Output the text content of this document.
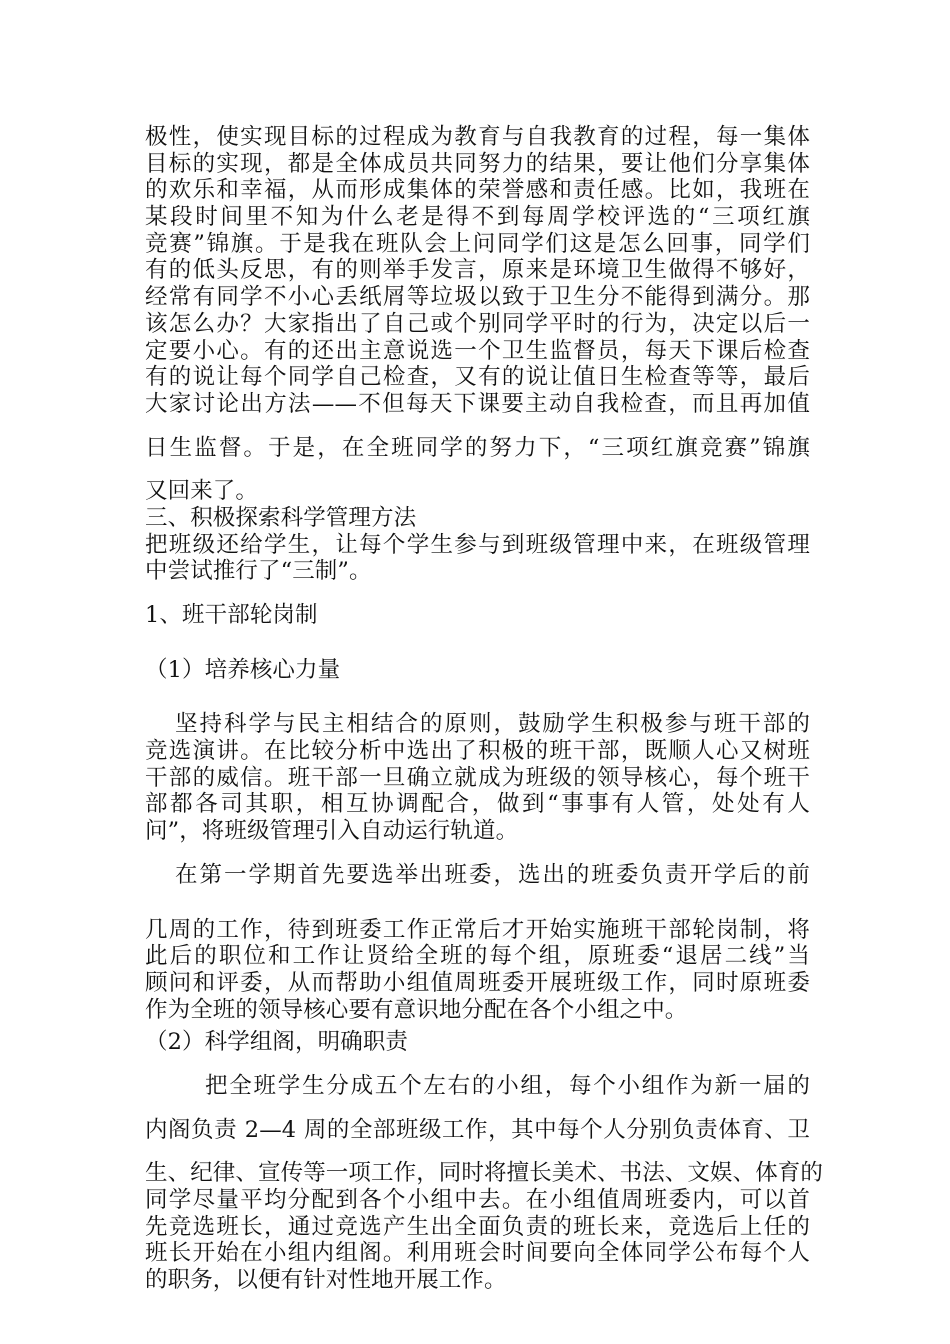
极性，使实现目标的过程成为教育与自我教育的过程，每一集体
目标的实现，都是全体成员共同努力的结果，要让他们分享集体
的欢乐和幸福，从而形成集体的荣誉感和责任感。比如，我班在
某段时间里不知为什么老是得不到每周学校评选的“三项红旗
竞赛”锦旗。于是我在班队会上问同学们这是怎么回事，同学们
有的低头反思，有的则举手发言，原来是环境卫生做得不够好，
经常有同学不小心丢纸屑等垃圾以致于卫生分不能得到满分。那
该怎么办？大家指出了自己或个别同学平时的行为，决定以后一
定要小心。有的还出主意说选一个卫生监督员，每天下课后检查
有的说让每个同学自己检查，又有的说让值日生检查等等，最后
大家讨论出方法——不但每天下课要主动自我检查，而且再加值
日生监督。于是，在全班同学的努力下，“三项红旗竞赛”锦旗
又回来了。
三、积极探索科学管理方法
把班级还给学生，让每个学生参与到班级管理中来，在班级管理
中尝试推行了“三制”。
1、班干部轮岗制
（1）培养核心力量
坚持科学与民主相结合的原则，鼓励学生积极参与班干部的
竞选演讲。在比较分析中选出了积极的班干部，既顺人心又树班
干部的威信。班干部一旦确立就成为班级的领导核心，每个班干
部都各司其职，相互协调配合，做到“事事有人管，处处有人
问”，将班级管理引入自动运行轨道。
在第一学期首先要选举出班委，选出的班委负责开学后的前
几周的工作，待到班委工作正常后才开始实施班干部轮岗制，将
此后的职位和工作让贤给全班的每个组，原班委“退居二线”当
顾问和评委，从而帮助小组值周班委开展班级工作，同时原班委
作为全班的领导核心要有意识地分配在各个小组之中。
（2）科学组阁，明确职责
把全班学生分成五个左右的小组，每个小组作为新一届的
内阁负责 2—4 周的全部班级工作，其中每个人分别负责体育、卫
生、纪律、宣传等一项工作，同时将擅长美术、书法、文娱、体育的
同学尽量平均分配到各个小组中去。在小组值周班委内，可以首
先竞选班长，通过竞选产生出全面负责的班长来，竞选后上任的
班长开始在小组内组阁。利用班会时间要向全体同学公布每个人
的职务，以便有针对性地开展工作。
